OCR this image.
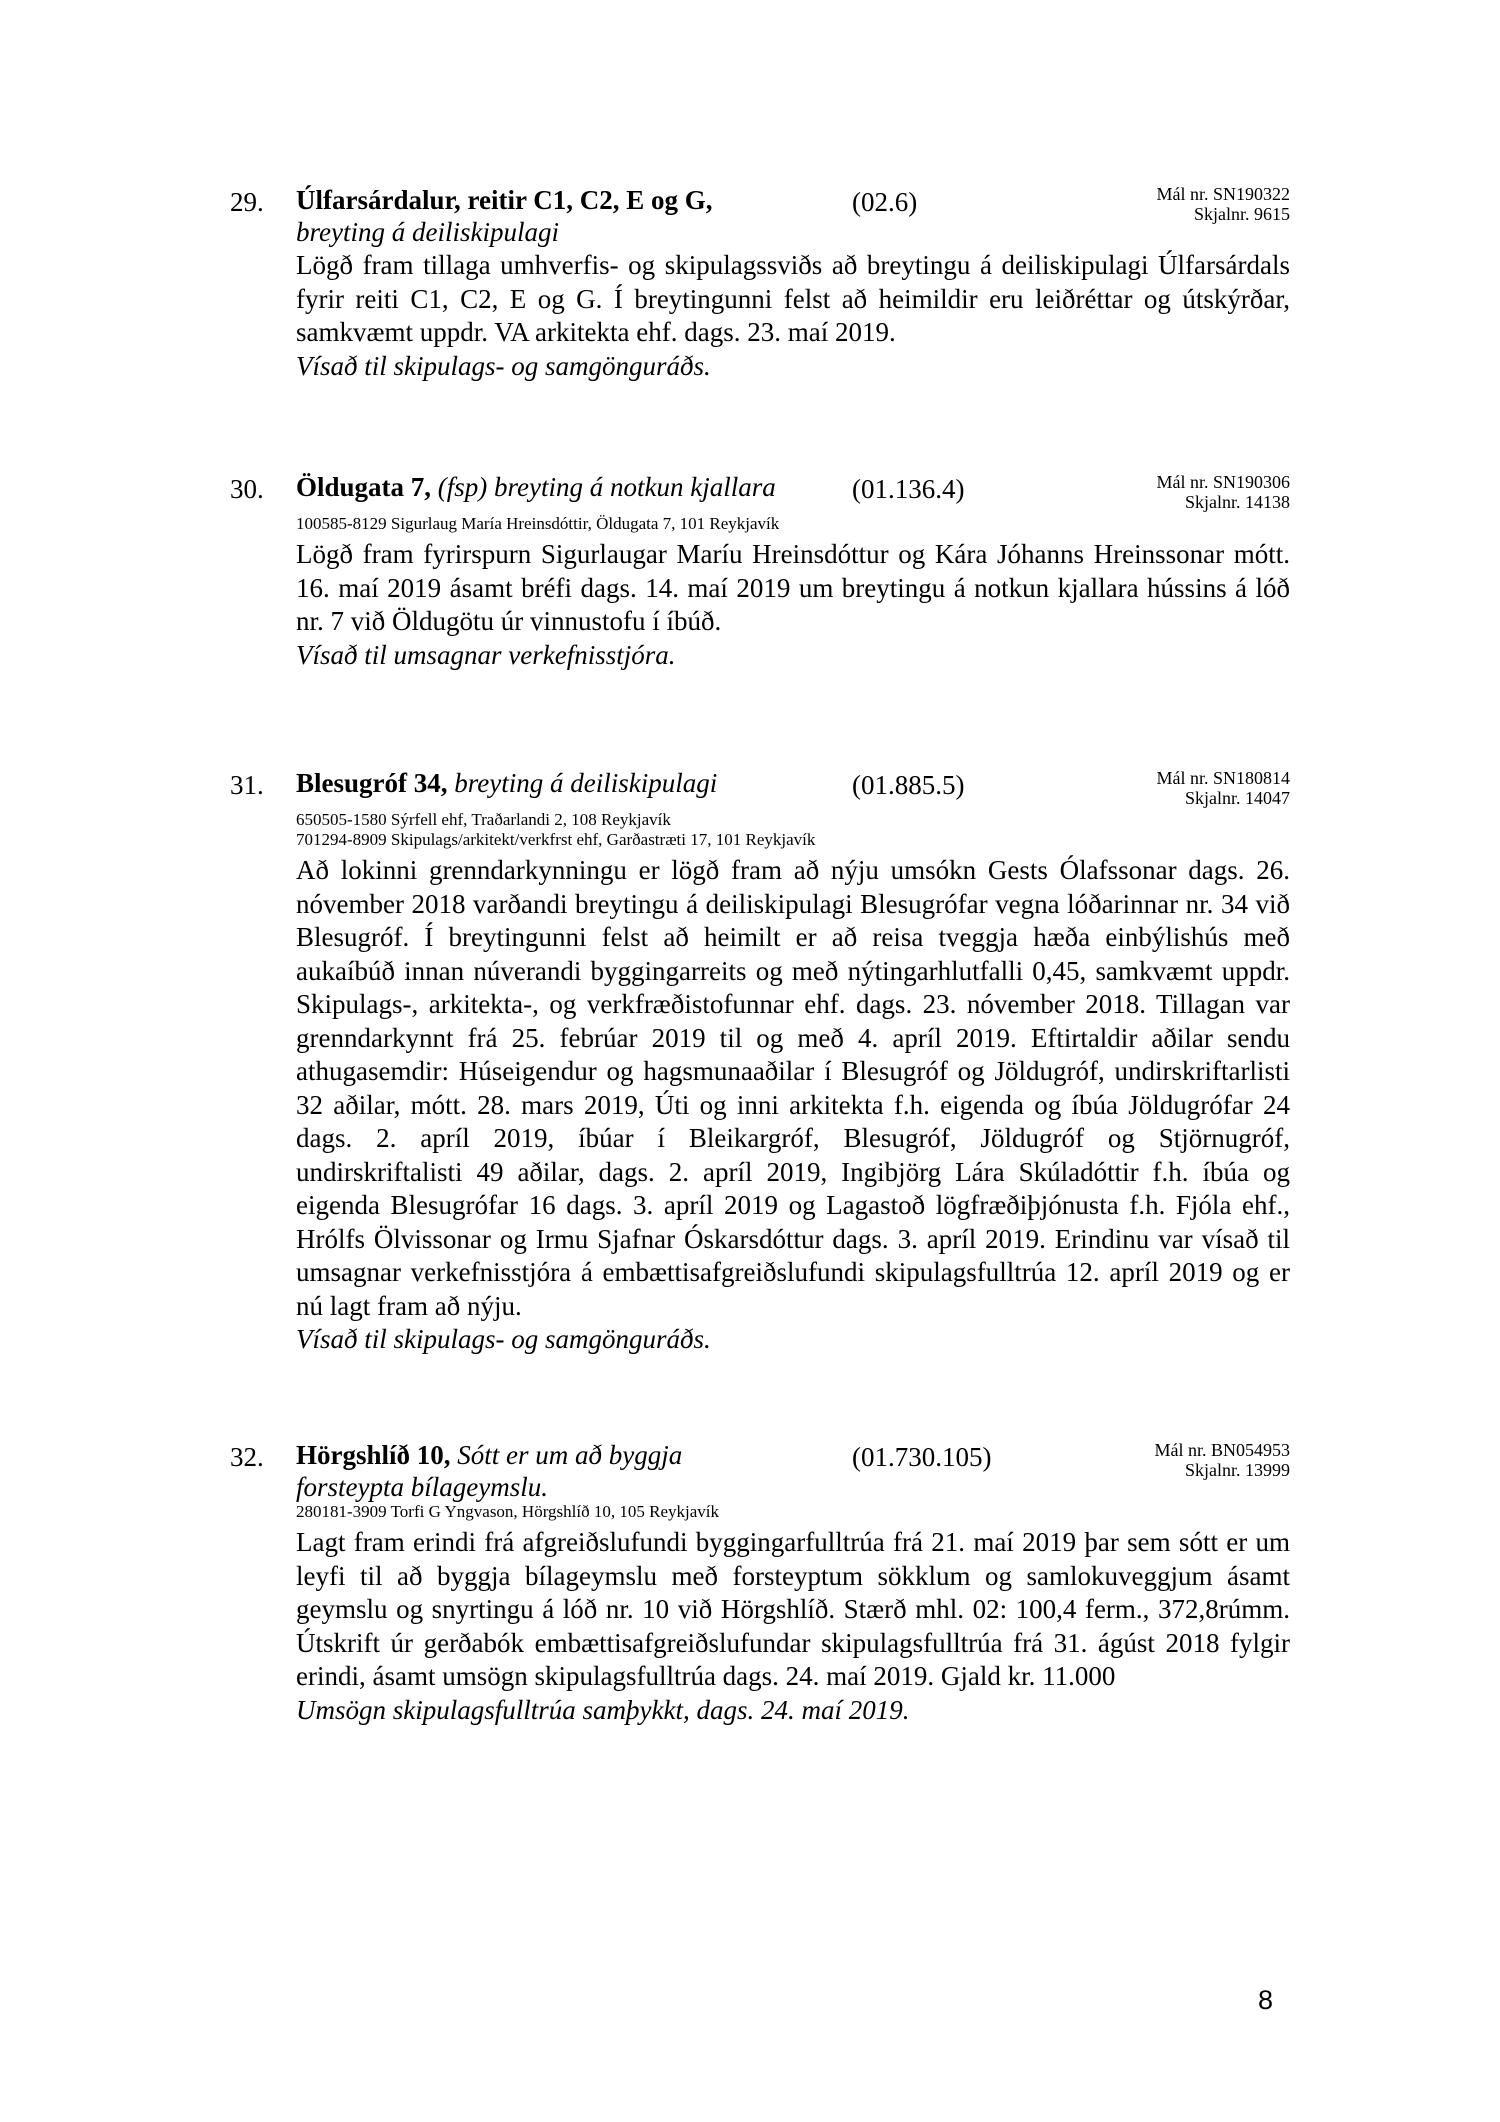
29. Úlfarsárdalur, reitir C1, C2, E og G,
breyting á deiliskipulagi
(02.6)	Mál nr. SN190322
Skjalnr. 9615

Lögð fram tillaga umhverfis- og skipulagssviðs að breytingu á deiliskipulagi Úlfarsárdals fyrir reiti C1, C2, E og G. Í breytingunni felst að heimildir eru leiðréttar og útskýrðar, samkvæmt uppdr. VA arkitekta ehf. dags. 23. maí 2019.

Vísað til skipulags- og samgönguráðs.

30. Öldugata 7, (fsp) breyting á notkun kjallara	(01.136.4)	Mál nr. SN190306
Skjalnr. 14138
100585-8129 Sigurlaug María Hreinsdóttir, Öldugata 7, 101 Reykjavík

Lögð fram fyrirspurn Sigurlaugar Maríu Hreinsdóttur og Kára Jóhanns Hreinssonar mótt. 16. maí 2019 ásamt bréfi dags. 14. maí 2019 um breytingu á notkun kjallara hússins á lóð nr. 7 við Öldugötu úr vinnustofu í íbúð.

Vísað til umsagnar verkefnisstjóra.

31. Blesugróf 34, breyting á deiliskipulagi	(01.885.5)	Mál nr. SN180814
Skjalnr. 14047
650505-1580 Sýrfell ehf, Traðarlandi 2, 108 Reykjavík
701294-8909 Skipulags/arkitekt/verkfrst ehf, Garðastræti 17, 101 Reykjavík

Að lokinni grenndarkynningu er lögð fram að nýju umsókn Gests Ólafssonar dags. 26. nóvember 2018 varðandi breytingu á deiliskipulagi Blesugrófar vegna lóðarinnar nr. 34 við Blesugróf. Í breytingunni felst að heimilt er að reisa tveggja hæða einbýlishús með aukaíbúð innan núverandi byggingarreits og með nýtingarhlutfalli 0,45, samkvæmt uppdr. Skipulags-, arkitekta-, og verkfræðistofunnar ehf. dags. 23. nóvember 2018. Tillagan var grenndarkynnt frá 25. febrúar 2019 til og með 4. apríl 2019. Eftirtaldir aðilar sendu athugasemdir: Húseigendur og hagsmunaaðilar í Blesugróf og Jöldugróf, undirskriftarlisti 32 aðilar, mótt. 28. mars 2019, Úti og inni arkitekta f.h. eigenda og íbúa Jöldugrófar 24 dags. 2. apríl 2019, íbúar í Bleikargróf, Blesugróf, Jöldugróf og Stjörnugróf, undirskriftalisti 49 aðilar, dags. 2. apríl 2019, Ingibjörg Lára Skúladóttir f.h. íbúa og eigenda Blesugrófar 16 dags. 3. apríl 2019 og Lagastoð lögfræðiþjónusta f.h. Fjóla ehf., Hrólfs Ölvissonar og Irmu Sjafnar Óskarsdóttur dags. 3. apríl 2019. Erindinu var vísað til umsagnar verkefnisstjóra á embættisafgreiðslufundi skipulagsfulltrúa 12. apríl 2019 og er nú lagt fram að nýju.

Vísað til skipulags- og samgönguráðs.

32. Hörgshlíð 10, Sótt er um að byggja
forsteypta bílageymslu.
(01.730.105)	Mál nr. BN054953
Skjalnr. 13999
280181-3909 Torfi G Yngvason, Hörgshlíð 10, 105 Reykjavík

Lagt fram erindi frá afgreiðslufundi byggingarfulltrúa frá 21. maí 2019 þar sem sótt er um leyfi til að byggja bílageymslu með forsteyptum sökklum og samlokuveggjum ásamt geymslu og snyrtingu á lóð nr. 10 við Hörgshlíð. Stærð mhl. 02: 100,4 ferm., 372,8rúmm. Útskrift úr gerðabók embættisafgreiðslufundar skipulagsfulltrúa frá 31. ágúst 2018 fylgir erindi, ásamt umsögn skipulagsfulltrúa dags. 24. maí 2019. Gjald kr. 11.000

Umsögn skipulagsfulltrúa samþykkt, dags. 24. maí 2019.

8
